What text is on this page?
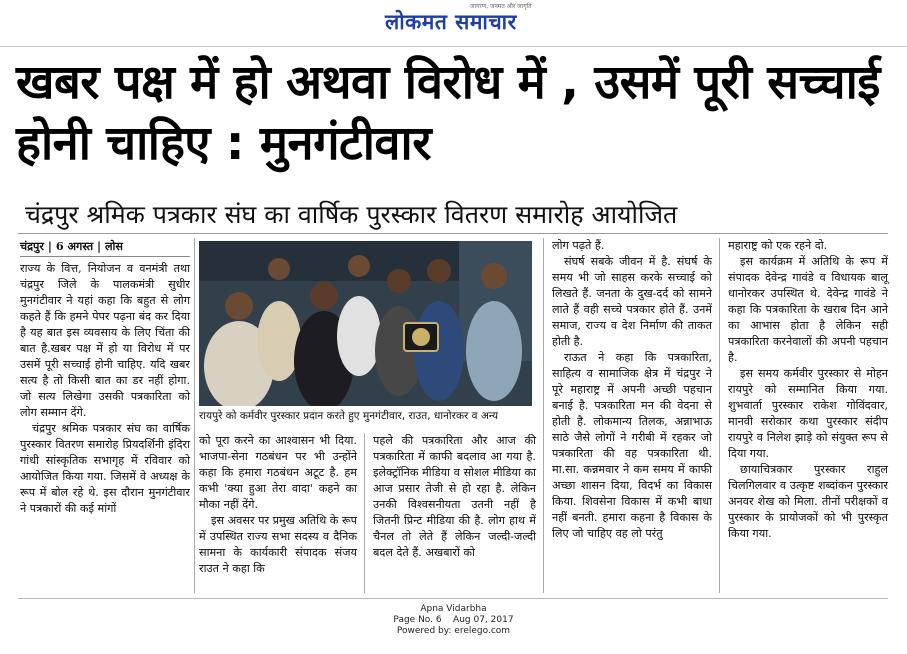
जागरण, जनमत और जागृति
लोकमत समाचार
खबर पक्ष में हो अथवा विरोध में , उसमें पूरी सच्चाई होनी चाहिए : मुनगंटीवार
चंद्रपुर श्रमिक पत्रकार संघ का वार्षिक पुरस्कार वितरण समारोह आयोजित
चंद्रपुर | 6 अगस्त | लोस

राज्य के वित्त, नियोजन व वनमंत्री तथा चंद्रपुर जिले के पालकमंत्री सुधीर मुनगंटीवार ने यहां कहा कि बहुत से लोग कहते हैं कि हमने पेपर पढ़ना बंद कर दिया है यह बात इस व्यवसाय के लिए चिंता की बात है.खबर पक्ष में हो या विरोध में पर उसमें पूरी सच्चाई होनी चाहिए. यदि खबर सत्य है तो किसी बात का डर नहीं होगा. जो सत्य लिखेगा उसकी पत्रकारिता को लोग सम्मान देंगे.

चंद्रपुर श्रमिक पत्रकार संघ का वार्षिक पुरस्कार वितरण समारोह प्रियदर्शिनी इंदिरा गांधी सांस्कृतिक सभागृह में रविवार को आयोजित किया गया. जिसमें वे अध्यक्ष के रूप में बोल रहे थे. इस दौरान मुनगंटीवार ने पत्रकारों की कई मांगों

रायपुरे को कर्मवीर पुरस्कार प्रदान करते हुए मुनगंटीवार, राउत, धानोरकर व अन्य

को पूरा करने का आश्वासन भी दिया. भाजपा-सेना गठबंधन पर भी उन्होंने कहा कि हमारा गठबंधन अटूट है. हम कभी 'क्या हुआ तेरा वादा' कहने का मौका नहीं देंगे.

इस अवसर पर प्रमुख अतिथि के रूप में उपस्थित राज्य सभा सदस्य व दैनिक सामना के कार्यकारी संपादक संजय राउत ने कहा कि

पहले की पत्रकारिता और आज की पत्रकारिता में काफी बदलाव आ गया है. इलेक्ट्रॉनिक मीडिया व सोशल मीडिया का आज प्रसार तेजी से हो रहा है. लेकिन उनकी विश्वसनीयता उतनी नहीं है जितनी प्रिन्ट मीडिया की है. लोग हाथ में चैनल तो लेते हैं लेकिन जल्दी-जल्दी बदल देते हैं. अखबारों को

लोग पढ़ते हैं.

संघर्ष सबके जीवन में है. संघर्ष के समय भी जो साहस करके सच्चाई को लिखते हैं. जनता के दुख-दर्द को सामने लाते हैं वही सच्चे पत्रकार होते हैं. उनमें समाज, राज्य व देश निर्माण की ताकत होती है.

राऊत ने कहा कि पत्रकारिता, साहित्य व सामाजिक क्षेत्र में चंद्रपुर ने पूरे महाराष्ट्र में अपनी अच्छी पहचान बनाई है. पत्रकारिता मन की वेदना से होती है. लोकमान्य तिलक, अन्नाभाऊ साठे जैसे लोगों ने गरीबी में रहकर जो पत्रकारिता की वह पत्रकारिता थी. मा.सा. कन्नमवार ने कम समय में काफी अच्छा शासन दिया, विदर्भ का विकास किया. शिवसेना विकास में कभी बाधा नहीं बनती. हमारा कहना है विकास के लिए जो चाहिए वह लो परंतु

महाराष्ट्र को एक रहने दो.

इस कार्यक्रम में अतिथि के रूप में संपादक देवेन्द्र गावंडे व विधायक बालू धानोरकर उपस्थित थे. देवेन्द्र गावंडे ने कहा कि पत्रकारिता के खराब दिन आने का आभास होता है लेकिन सही पत्रकारिता करनेवालों की अपनी पहचान है.

इस समय कर्मवीर पुरस्कार से मोहन रायपुरे को सम्मानित किया गया. शुभवार्ता पुरस्कार राकेश गोविंदवार, मानवी सरोकार कथा पुरस्कार संदीप रायपुरे व निलेश झाड़े को संयुक्त रूप से दिया गया.

छायाचित्रकार पुरस्कार राहुल चिलगिलवार व उत्कृष्ट शब्दांकन पुरस्कार अनवर शेख को मिला. तीनों परीक्षकों व पुरस्कार के प्रायोजकों को भी पुरस्कृत किया गया.

Apna Vidarbha
Page No. 6    Aug 07, 2017
Powered by: erelego.com
